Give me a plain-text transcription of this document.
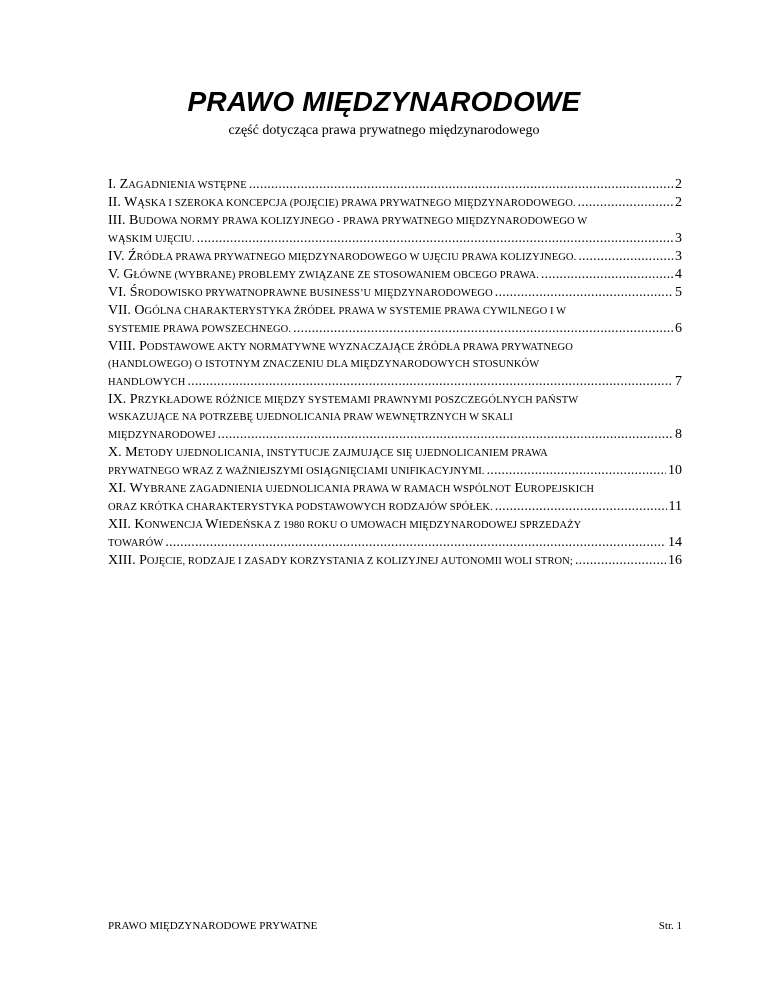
PRAWO MIĘDZYNARODOWE
część dotycząca prawa prywatnego międzynarodowego
I. ZAGADNIENIA WSTĘPNE .....	2
II. WĄSKA I SZEROKA KONCEPCJA (POJĘCIE) PRAWA PRYWATNEGO MIĘDZYNARODOWEGO. .....	2
III. BUDOWA NORMY PRAWA KOLIZYJNEGO - PRAWA PRYWATNEGO MIĘDZYNARODOWEGO W
WĄSKIM UJĘCIU. .....	3
IV. ŹRÓDŁA PRAWA PRYWATNEGO MIĘDZYNARODOWEGO W UJĘCIU PRAWA KOLIZYJNEGO. .....	3
V. GŁÓWNE (WYBRANE) PROBLEMY ZWIĄZANE ZE STOSOWANIEM OBCEGO PRAWA. .....	4
VI. ŚRODOWISKO PRYWATNOPRAWNE BUSINESS’U MIĘDZYNARODOWEGO .....	5
VII. OGÓLNA CHARAKTERYSTYKA ŹRÓDEŁ PRAWA W SYSTEMIE PRAWA CYWILNEGO I W
SYSTEMIE PRAWA POWSZECHNEGO. .....	6
VIII. PODSTAWOWE AKTY NORMATYWNE WYZNACZAJĄCE ŹRÓDŁA PRAWA PRYWATNEGO
(HANDLOWEGO) O ISTOTNYM ZNACZENIU DLA MIĘDZYNARODOWYCH STOSUNKÓW
HANDLOWYCH .....	7
IX. PRZYKŁADOWE RÓŻNICE MIĘDZY SYSTEMAMI PRAWNYMI POSZCZEGÓLNYCH PAŃSTW
WSKAZUJĄCE NA POTRZEBĘ UJEDNOLICANIA PRAW WEWNĘTRZNYCH W SKALI
MIĘDZYNARODOWEJ .....	8
X. METODY UJEDNOLICANIA, INSTYTUCJE ZAJMUJĄCE SIĘ UJEDNOLICANIEM PRAWA
PRYWATNEGO WRAZ Z WAŻNIEJSZYMI OSIĄGNIĘCIAMI UNIFIKACYJNYMI. .....	10
XI. WYBRANE ZAGADNIENIA UJEDNOLICANIA PRAWA W RAMACH WSPÓLNOT EUROPEJSKICH
ORAZ KRÓTKA CHARAKTERYSTYKA PODSTAWOWYCH RODZAJÓW SPÓŁEK. .....	11
XII. KONWENCJA WIEDEŃSKA Z 1980 ROKU O UMOWACH MIĘDZYNARODOWEJ SPRZEDAŻY
TOWARÓW .....	14
XIII. POJĘCIE, RODZAJE I ZASADY KORZYSTANIA Z KOLIZYJNEJ AUTONOMII WOLI STRON; .....	16
PRAWO MIĘDZYNARODOWE PRYWATNE	Str. 1
